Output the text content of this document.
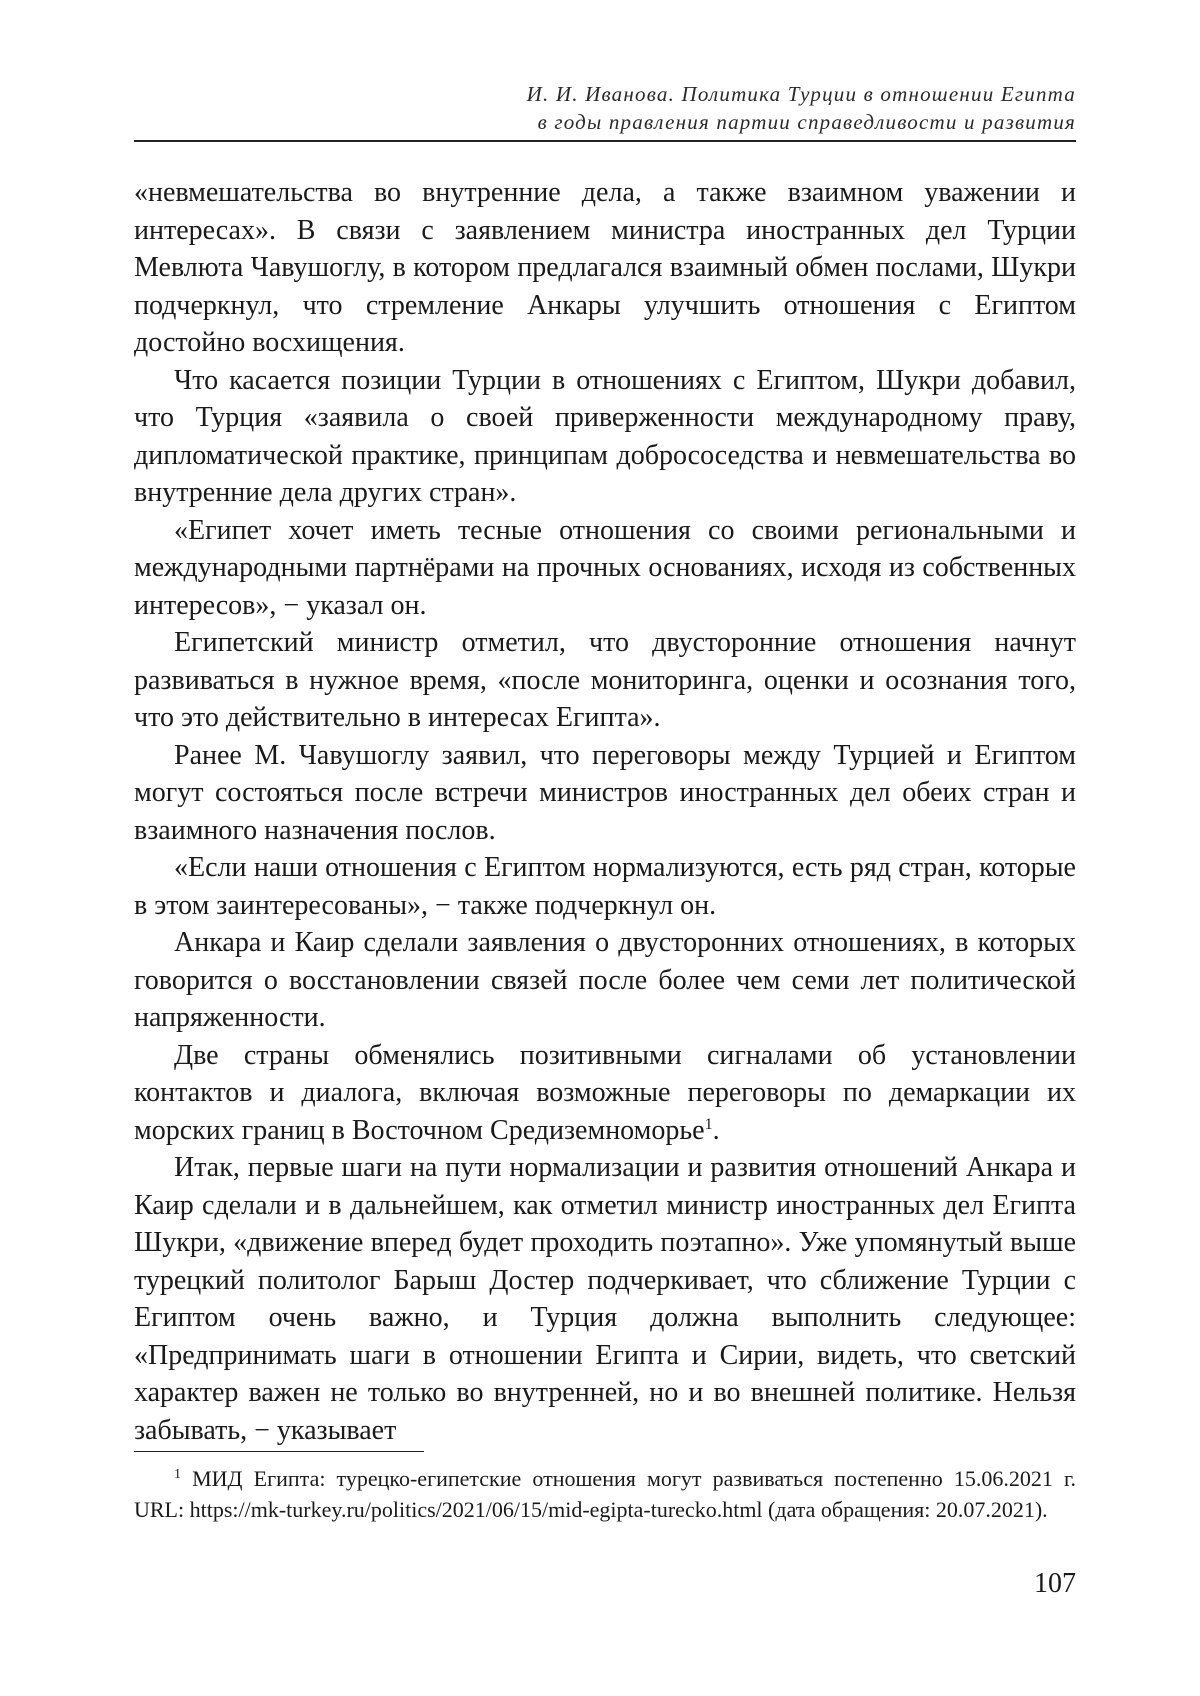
И. И. Иванова. Политика Турции в отношении Египта
в годы правления партии справедливости и развития

«невмешательства во внутренние дела, а также взаимном уважении и интересах». В связи с заявлением министра иностранных дел Турции Мевлюта Чавушоглу, в котором предлагался взаимный обмен послами, Шукри подчеркнул, что стремление Анкары улучшить отношения с Египтом достойно восхищения.

Что касается позиции Турции в отношениях с Египтом, Шукри добавил, что Турция «заявила о своей приверженности международному праву, дипломатической практике, принципам добрососедства и невмешательства во внутренние дела других стран».

«Египет хочет иметь тесные отношения со своими региональными и международными партнёрами на прочных основаниях, исходя из собственных интересов», − указал он.

Египетский министр отметил, что двусторонние отношения начнут развиваться в нужное время, «после мониторинга, оценки и осознания того, что это действительно в интересах Египта».

Ранее М. Чавушоглу заявил, что переговоры между Турцией и Египтом могут состояться после встречи министров иностранных дел обеих стран и взаимного назначения послов.

«Если наши отношения с Египтом нормализуются, есть ряд стран, которые в этом заинтересованы», − также подчеркнул он.

Анкара и Каир сделали заявления о двусторонних отношениях, в которых говорится о восстановлении связей после более чем семи лет политической напряженности.

Две страны обменялись позитивными сигналами об установлении контактов и диалога, включая возможные переговоры по демаркации их морских границ в Восточном Средиземноморье$^1$.

Итак, первые шаги на пути нормализации и развития отношений Анкара и Каир сделали и в дальнейшем, как отметил министр иностранных дел Египта Шукри, «движение вперед будет проходить поэтапно». Уже упомянутый выше турецкий политолог Барыш Достер подчеркивает, что сближение Турции с Египтом очень важно, и Турция должна выполнить следующее: «Предпринимать шаги в отношении Египта и Сирии, видеть, что светский характер важен не только во внутренней, но и во внешней политике. Нельзя забывать, − указывает

$^1$ МИД Египта: турецко-египетские отношения могут развиваться постепенно 15.06.2021 г. URL: https://mk-turkey.ru/politics/2021/06/15/mid-egipta-turecko.html (дата обращения: 20.07.2021).

107
